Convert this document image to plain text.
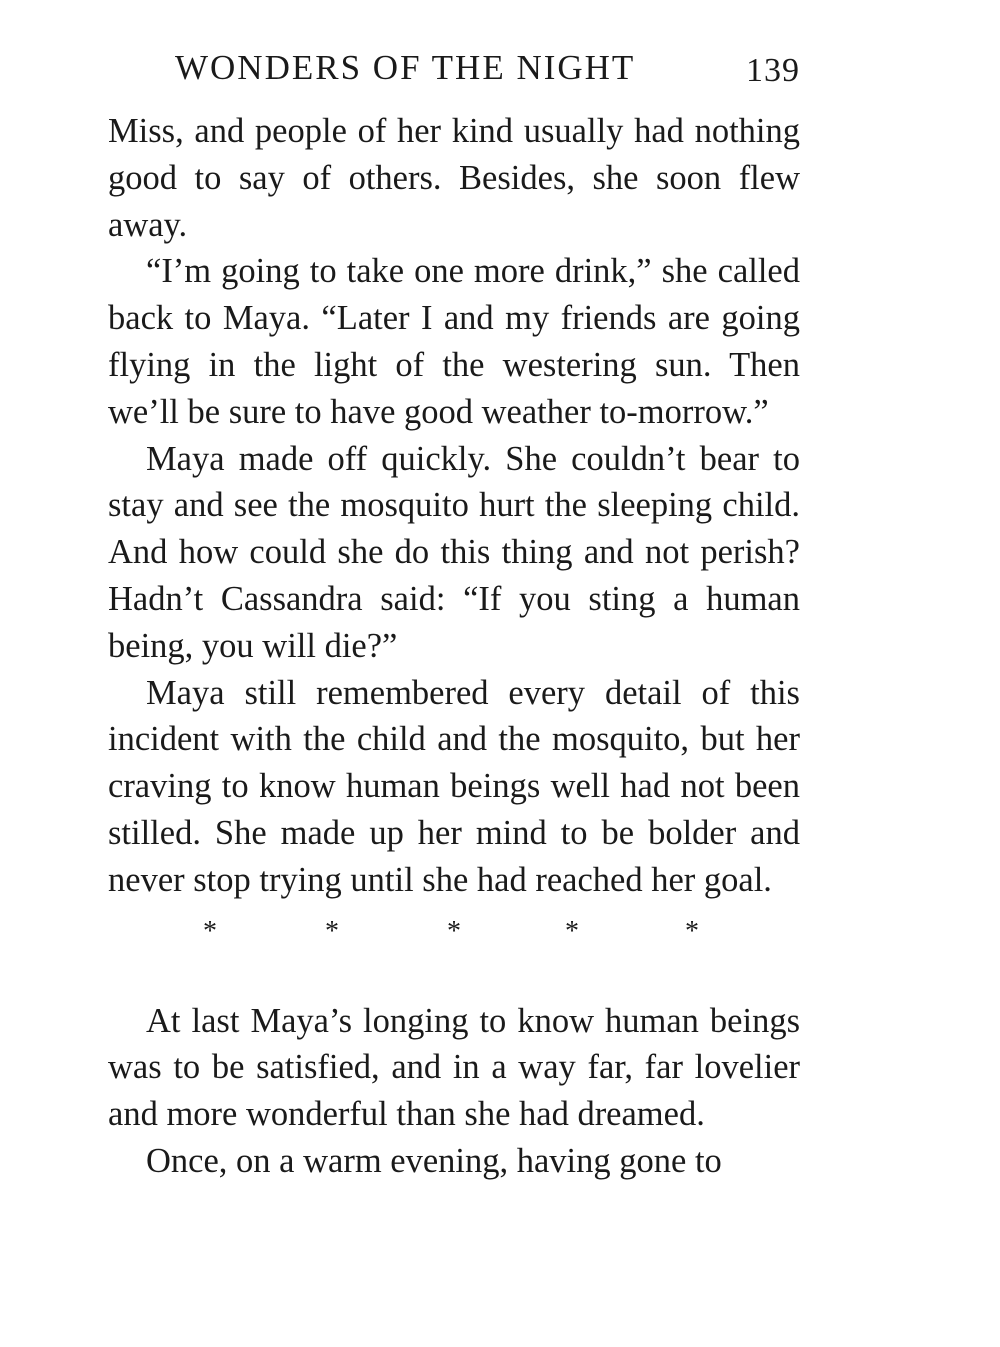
WONDERS OF THE NIGHT	139

Miss, and people of her kind usually had nothing good to say of others. Besides, she soon flew away.

“I’m going to take one more drink,” she called back to Maya. “Later I and my friends are going flying in the light of the westering sun. Then we’ll be sure to have good weather to-morrow.”

Maya made off quickly. She couldn’t bear to stay and see the mosquito hurt the sleeping child. And how could she do this thing and not perish? Hadn’t Cassandra said: “If you sting a human being, you will die?”

Maya still remembered every detail of this incident with the child and the mosquito, but her craving to know human beings well had not been stilled. She made up her mind to be bolder and never stop trying until she had reached her goal.

*	*	*	*	*

At last Maya’s longing to know human beings was to be satisfied, and in a way far, far lovelier and more wonderful than she had dreamed.

Once, on a warm evening, having gone to
